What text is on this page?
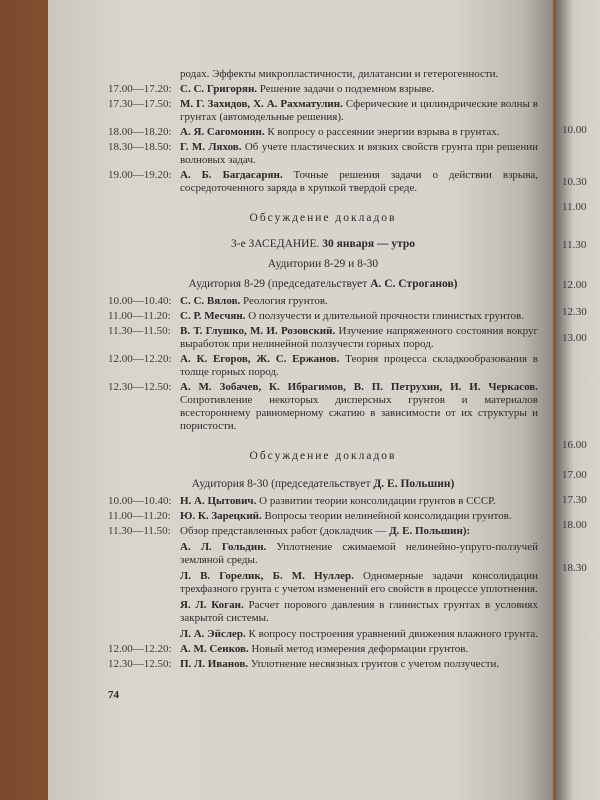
родах. Эффекты микропластичности, дилатансии и гетерогенности.
17.00—17.20: С. С. Григорян. Решение задачи о подземном взрыве.
17.30—17.50: М. Г. Захидов, Х. А. Рахматулин. Сферические и цилиндрические волны в грунтах (автомодельные решения).
18.00—18.20: А. Я. Сагомонян. К вопросу о рассеянии энергии взрыва в грунтах.
18.30—18.50: Г. М. Ляхов. Об учете пластических и вязких свойств грунта при решении волновых задач.
19.00—19.20: А. Б. Багдасарян. Точные решения задачи о действии взрыва, сосредоточенного заряда в хрупкой твердой среде.
Обсуждение докладов
3-е ЗАСЕДАНИЕ. 30 января — утро
Аудитории 8-29 и 8-30
Аудитория 8-29 (председательствует А. С. Строганов)
10.00—10.40: С. С. Вялов. Реология грунтов.
11.00—11.20: С. Р. Месчян. О ползучести и длительной прочности глинистых грунтов.
11.30—11.50: В. Т. Глушко, М. И. Розовский. Изучение напряженного состояния вокруг выработок при нелинейной ползучести горных пород.
12.00—12.20: А. К. Егоров, Ж. С. Ержанов. Теория процесса складкообразования в толще горных пород.
12.30—12.50: А. М. Зобачев, К. Ибрагимов, В. П. Петрухин, И. И. Черкасов. Сопротивление некоторых дисперсных грунтов и материалов всестороннему равномерному сжатию в зависимости от их структуры и пористости.
Обсуждение докладов
Аудитория 8-30 (председательствует Д. Е. Польшин)
10.00—10.40: Н. А. Цытович. О развитии теории консолидации грунтов в СССР.
11.00—11.20: Ю. К. Зарецкий. Вопросы теории нелинейной консолидации грунтов.
11.30—11.50: Обзор представленных работ (докладчик — Д. Е. Польшин):
А. Л. Гольдин. Уплотнение сжимаемой нелинейно-упруго-ползучей земляной среды.
Л. В. Горелик, Б. М. Нуллер. Одномерные задачи консолидации трехфазного грунта с учетом изменений его свойств в процессе уплотнения.
Я. Л. Коган. Расчет порового давления в глинистых грунтах в условиях закрытой системы.
Л. А. Эйслер. К вопросу построения уравнений движения влажного грунта.
12.00—12.20: А. М. Сенков. Новый метод измерения деформации грунтов.
12.30—12.50: П. Л. Иванов. Уплотнение несвязных грунтов с учетом ползучести.
74
10.00
10.30
11.00
11.30
12.00
12.30
13.00
16.00
17.00
17.30
18.00
18.30
